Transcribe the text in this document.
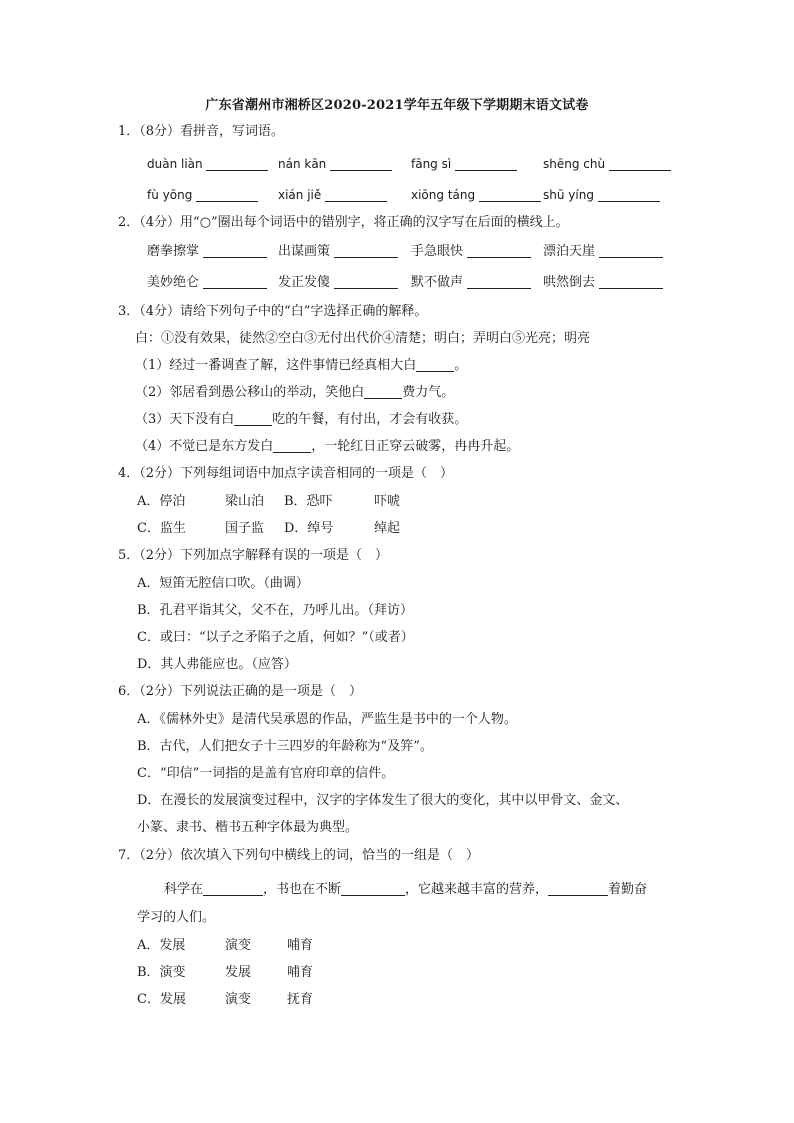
广东省潮州市湘桥区2020-2021学年五年级下学期期末语文试卷
1．（8分）看拼音，写词语。
duàn liàn	nán kān	fāng sì	shēng chù
fù yōng	xián jiě	xiōng táng	shū yíng
2．（4分）用“○”圈出每个词语中的错别字，将正确的汉字写在后面的横线上。
磨拳擦掌	出谋画策	手急眼快	漂泊天崖
美妙绝仑	发正发傻	默不做声	哄然倒去
3．（4分）请给下列句子中的“白”字选择正确的解释。
白：①没有效果，徒然②空白③无付出代价④清楚；明白；弄明白⑤光亮；明亮
（1）经过一番调查了解，这件事情已经真相大白	。
（2）邻居看到愚公移山的举动，笑他白	费力气。
（3）天下没有白	吃的午餐，有付出，才会有收获。
（4）不觉已是东方发白	，一轮红日正穿云破雾，冉冉升起。
4．（2分）下列每组词语中加点字读音相同的一项是（　）
A．停泊	梁山泊 B．恐吓	吓唬
C．监生	国子监 D．绰号	绰起
5．（2分）下列加点字解释有误的一项是（　）
A．短笛无腔信口吹。（曲调）
B．孔君平诣其父，父不在，乃呼儿出。（拜访）
C．或曰：“以子之矛陷子之盾，何如？”（或者）
D．其人弗能应也。（应答）
6．（2分）下列说法正确的是一项是（　）
A．《儒林外史》是清代吴承恩的作品，严监生是书中的一个人物。
B．古代，人们把女子十三四岁的年龄称为“及笄”。
C．“印信”一词指的是盖有官府印章的信件。
D．在漫长的发展演变过程中，汉字的字体发生了很大的变化，其中以甲骨文、金文、
小篆、隶书、楷书五种字体最为典型。
7．（2分）依次填入下列句中横线上的词，恰当的一组是（　）
科学在	，书也在不断	，它越来越丰富的营养，	着勤奋
学习的人们。
A．发展	演变	哺育
B．演变	发展	哺育
C．发展	演变	抚育
